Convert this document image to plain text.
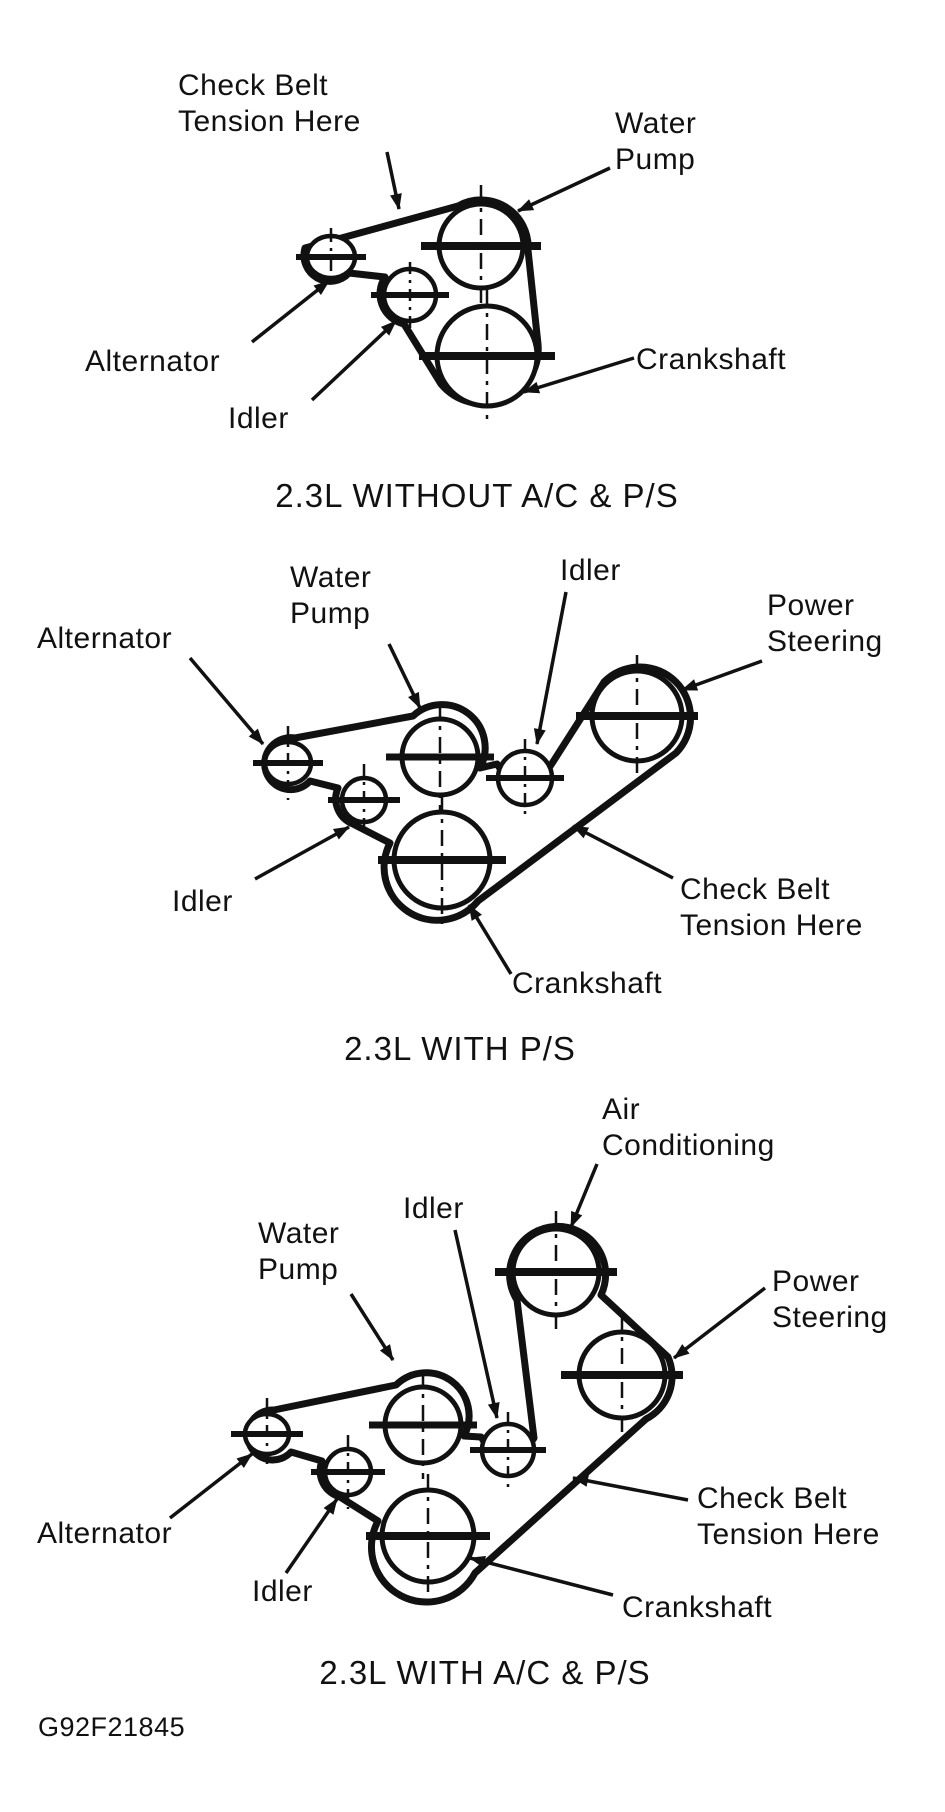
Check Belt
Tension Here	Water
Pump
Alternator
Idler
Crankshaft
2.3L WITHOUT A/C & P/S
Water
Pump
Idler
Alternator
Power
Steering
Idler	Check Belt
Tension Here
Crankshaft
2.3L WITH P/S
Air
Conditioning
Idler
Water
Pump	Power
Steering
Alternator
Check Belt
Tension Here
Idler	Crankshaft
2.3L WITH A/C & P/S
G92F21845
